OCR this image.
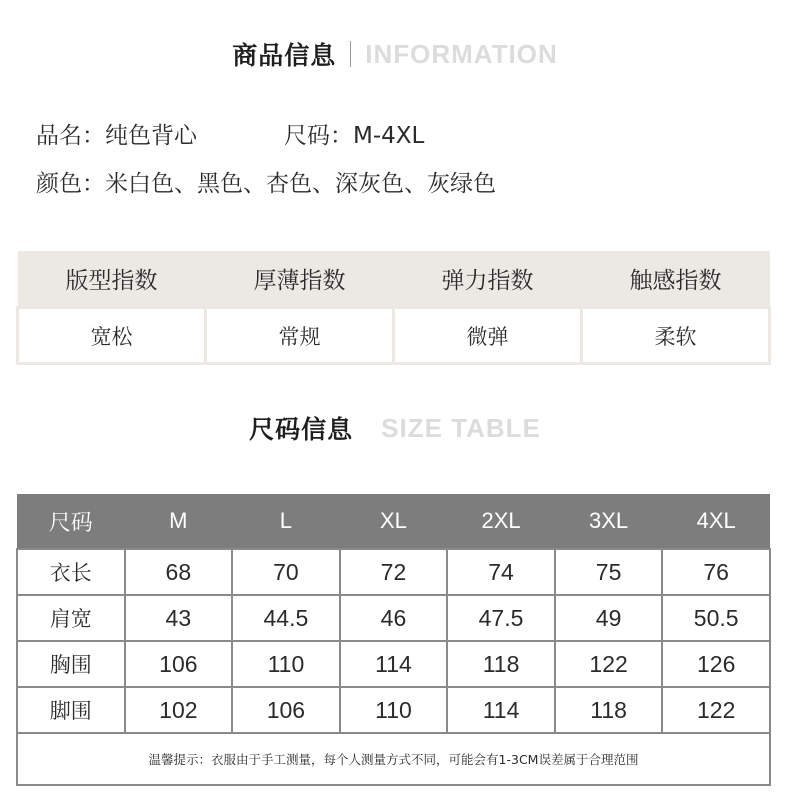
商品信息 INFORMATION
品名：纯色背心	尺码：M-4XL
颜色：米白色、黑色、杏色、深灰色、灰绿色
版型指数	厚薄指数	弹力指数	触感指数
宽松	常规	微弹	柔软
尺码信息 SIZE TABLE
尺码	M	L	XL	2XL	3XL	4XL
衣长	68	70	72	74	75	76
肩宽	43	44.5	46	47.5	49	50.5
胸围	106	110	114	118	122	126
脚围	102	106	110	114	118	122
温馨提示：衣服由于手工测量，每个人测量方式不同，可能会有1-3CM误差属于合理范围						
